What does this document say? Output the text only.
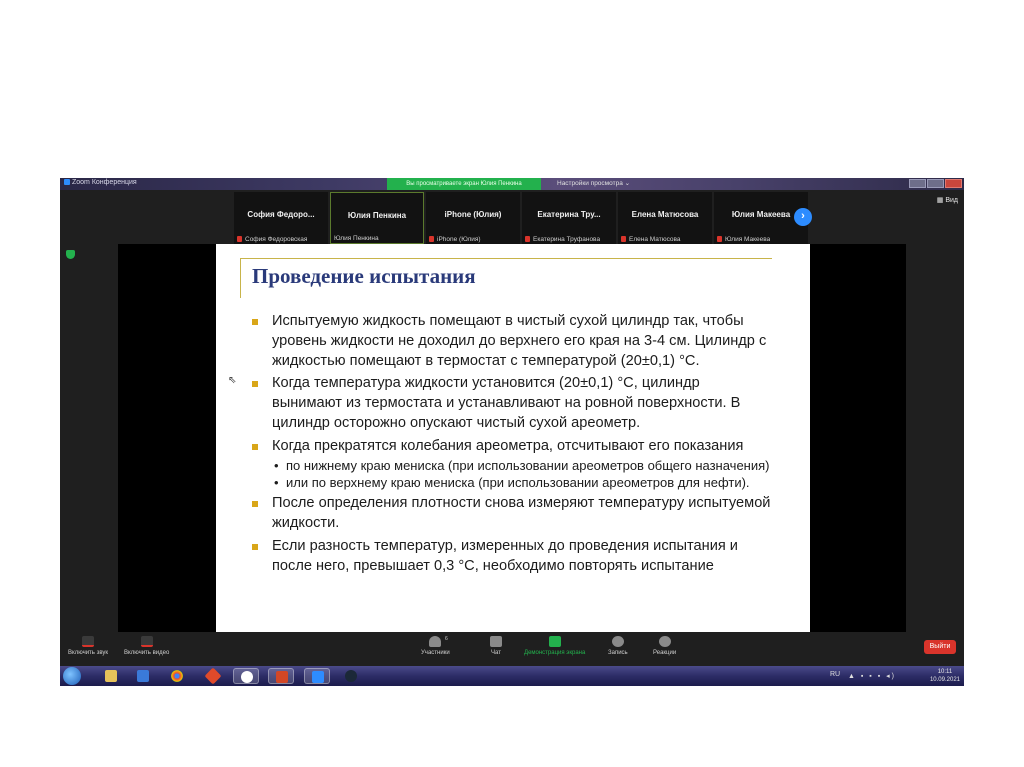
Zoom Конференция	Вы просматриваете экран Юлия Пенкина	Настройки просмотра ⌄
София Федоро...
София Федоровская
Юлия Пенкина
Юлия Пенкина
iPhone (Юлия)
iPhone (Юлия)
Екатерина Тру...
Екатерина Труфанова
Елена Матюсова
Елена Матюсова
Юлия Макеева
Юлия Макеева
›
▦ Вид
Проведение испытания
Испытуемую жидкость помещают в чистый сухой цилиндр так, чтобы уровень жидкости не доходил до верхнего его края на 3-4 см. Цилиндр с жидкостью помещают в термостат с температурой (20±0,1) °С.
Когда температура жидкости установится (20±0,1) °С, цилиндр вынимают из термостата и устанавливают на ровной поверхности. В цилиндр осторожно опускают чистый сухой ареометр.
Когда прекратятся колебания ареометра, отсчитывают его показания
• по нижнему краю мениска (при использовании ареометров общего назначения)
• или по верхнему краю мениска (при использовании ареометров для нефти).
После определения плотности снова измеряют температуру испытуемой жидкости.
Если разность температур, измеренных до проведения испытания и после него, превышает 0,3 °С, необходимо повторять испытание
⇖
Включить звук	Включить видео	Участники
6
Чат	Демонстрация экрана	Запись	Реакции
Выйти
RU ▲ ▪ ▪ ▪ ◂)
10:11
10.09.2021
